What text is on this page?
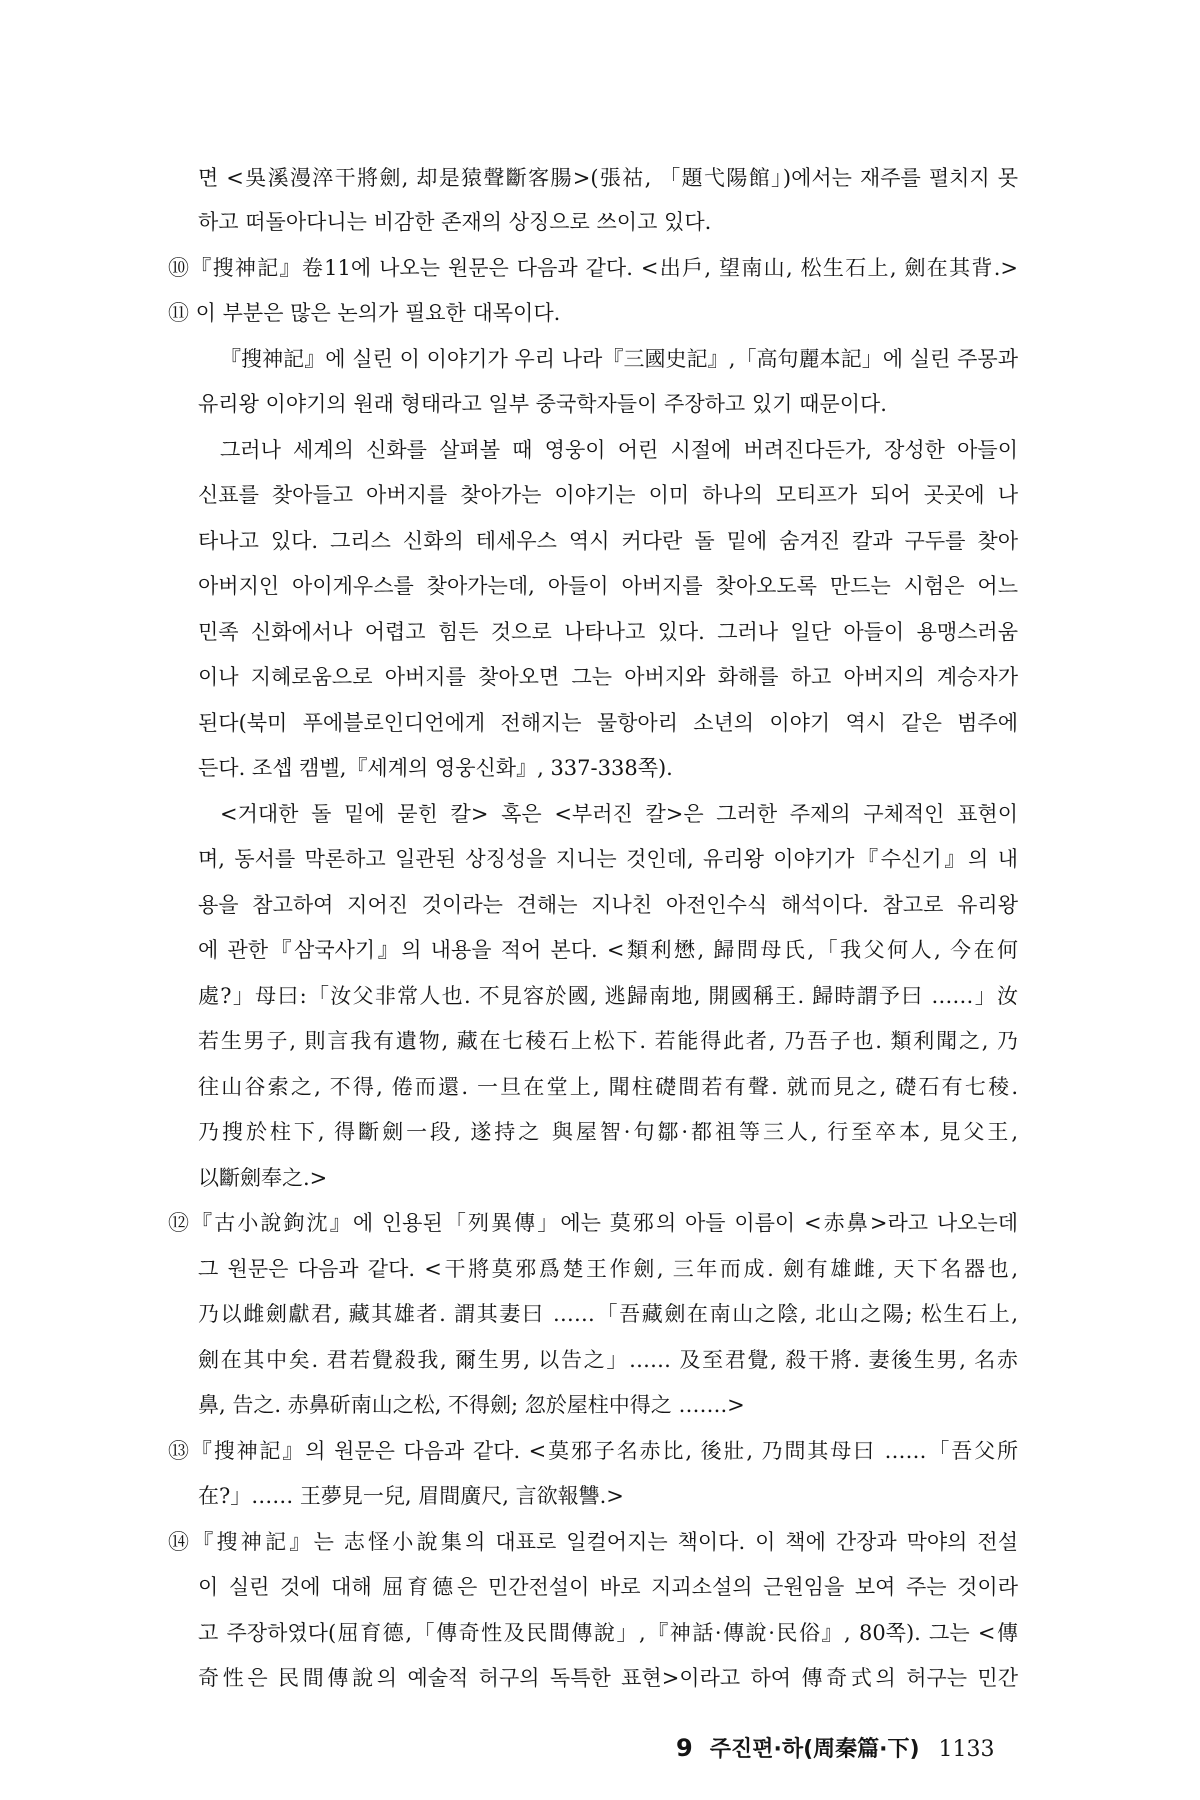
면 <吳溪漫淬干將劍, 却是猿聲斷客腸>(張祜, 「題弋陽館」)에서는 재주를 펼치지 못
하고 떠돌아다니는 비감한 존재의 상징으로 쓰이고 있다.
⑩『搜神記』卷11에 나오는 원문은 다음과 같다. <出戶, 望南山, 松生石上, 劍在其背.>
⑪ 이 부분은 많은 논의가 필요한 대목이다.
『搜神記』에 실린 이 이야기가 우리 나라『三國史記』,「高句麗本記」에 실린 주몽과
유리왕 이야기의 원래 형태라고 일부 중국학자들이 주장하고 있기 때문이다.
그러나 세계의 신화를 살펴볼 때 영웅이 어린 시절에 버려진다든가, 장성한 아들이
신표를 찾아들고 아버지를 찾아가는 이야기는 이미 하나의 모티프가 되어 곳곳에 나
타나고 있다. 그리스 신화의 테세우스 역시 커다란 돌 밑에 숨겨진 칼과 구두를 찾아
아버지인 아이게우스를 찾아가는데, 아들이 아버지를 찾아오도록 만드는 시험은 어느
민족 신화에서나 어렵고 힘든 것으로 나타나고 있다. 그러나 일단 아들이 용맹스러움
이나 지혜로움으로 아버지를 찾아오면 그는 아버지와 화해를 하고 아버지의 계승자가
된다(북미 푸에블로인디언에게 전해지는 물항아리 소년의 이야기 역시 같은 범주에
든다. 조셉 캠벨,『세계의 영웅신화』, 337-338쪽).
<거대한 돌 밑에 묻힌 칼> 혹은 <부러진 칼>은 그러한 주제의 구체적인 표현이
며, 동서를 막론하고 일관된 상징성을 지니는 것인데, 유리왕 이야기가『수신기』의 내
용을 참고하여 지어진 것이라는 견해는 지나친 아전인수식 해석이다. 참고로 유리왕
에 관한『삼국사기』의 내용을 적어 본다. <類利懋, 歸問母氏,「我父何人, 今在何
處?」母曰:「汝父非常人也. 不見容於國, 逃歸南地, 開國稱王. 歸時謂予曰 ……」汝
若生男子, 則言我有遺物, 藏在七稜石上松下. 若能得此者, 乃吾子也. 類利聞之, 乃
往山谷索之, 不得, 倦而還. 一旦在堂上, 聞柱礎間若有聲. 就而見之, 礎石有七稜.
乃搜於柱下, 得斷劍一段, 遂持之 與屋智·句鄒·都祖等三人, 行至卒本, 見父王,
以斷劍奉之.>
⑫『古小說鉤沈』에 인용된「列異傳」에는 莫邪의 아들 이름이 <赤鼻>라고 나오는데
그 원문은 다음과 같다. <干將莫邪爲楚王作劍, 三年而成. 劍有雄雌, 天下名器也,
乃以雌劍獻君, 藏其雄者. 謂其妻曰 ……「吾藏劍在南山之陰, 北山之陽; 松生石上,
劍在其中矣. 君若覺殺我, 爾生男, 以告之」…… 及至君覺, 殺干將. 妻後生男, 名赤
鼻, 告之. 赤鼻斫南山之松, 不得劍; 忽於屋柱中得之 …….>
⑬『搜神記』의 원문은 다음과 같다. <莫邪子名赤比, 後壯, 乃問其母曰 ……「吾父所
在?」…… 王夢見一兒, 眉間廣尺, 言欲報讐.>
⑭『搜神記』는 志怪小說集의 대표로 일컬어지는 책이다. 이 책에 간장과 막야의 전설
이 실린 것에 대해 屈育德은 민간전설이 바로 지괴소설의 근원임을 보여 주는 것이라
고 주장하였다(屈育德,「傳奇性及民間傳說」,『神話·傳說·民俗』, 80쪽). 그는 <傳
奇性은 民間傳說의 예술적 허구의 독특한 표현>이라고 하여 傳奇式의 허구는 민간
9 주진편·하(周秦篇·下) 1133
